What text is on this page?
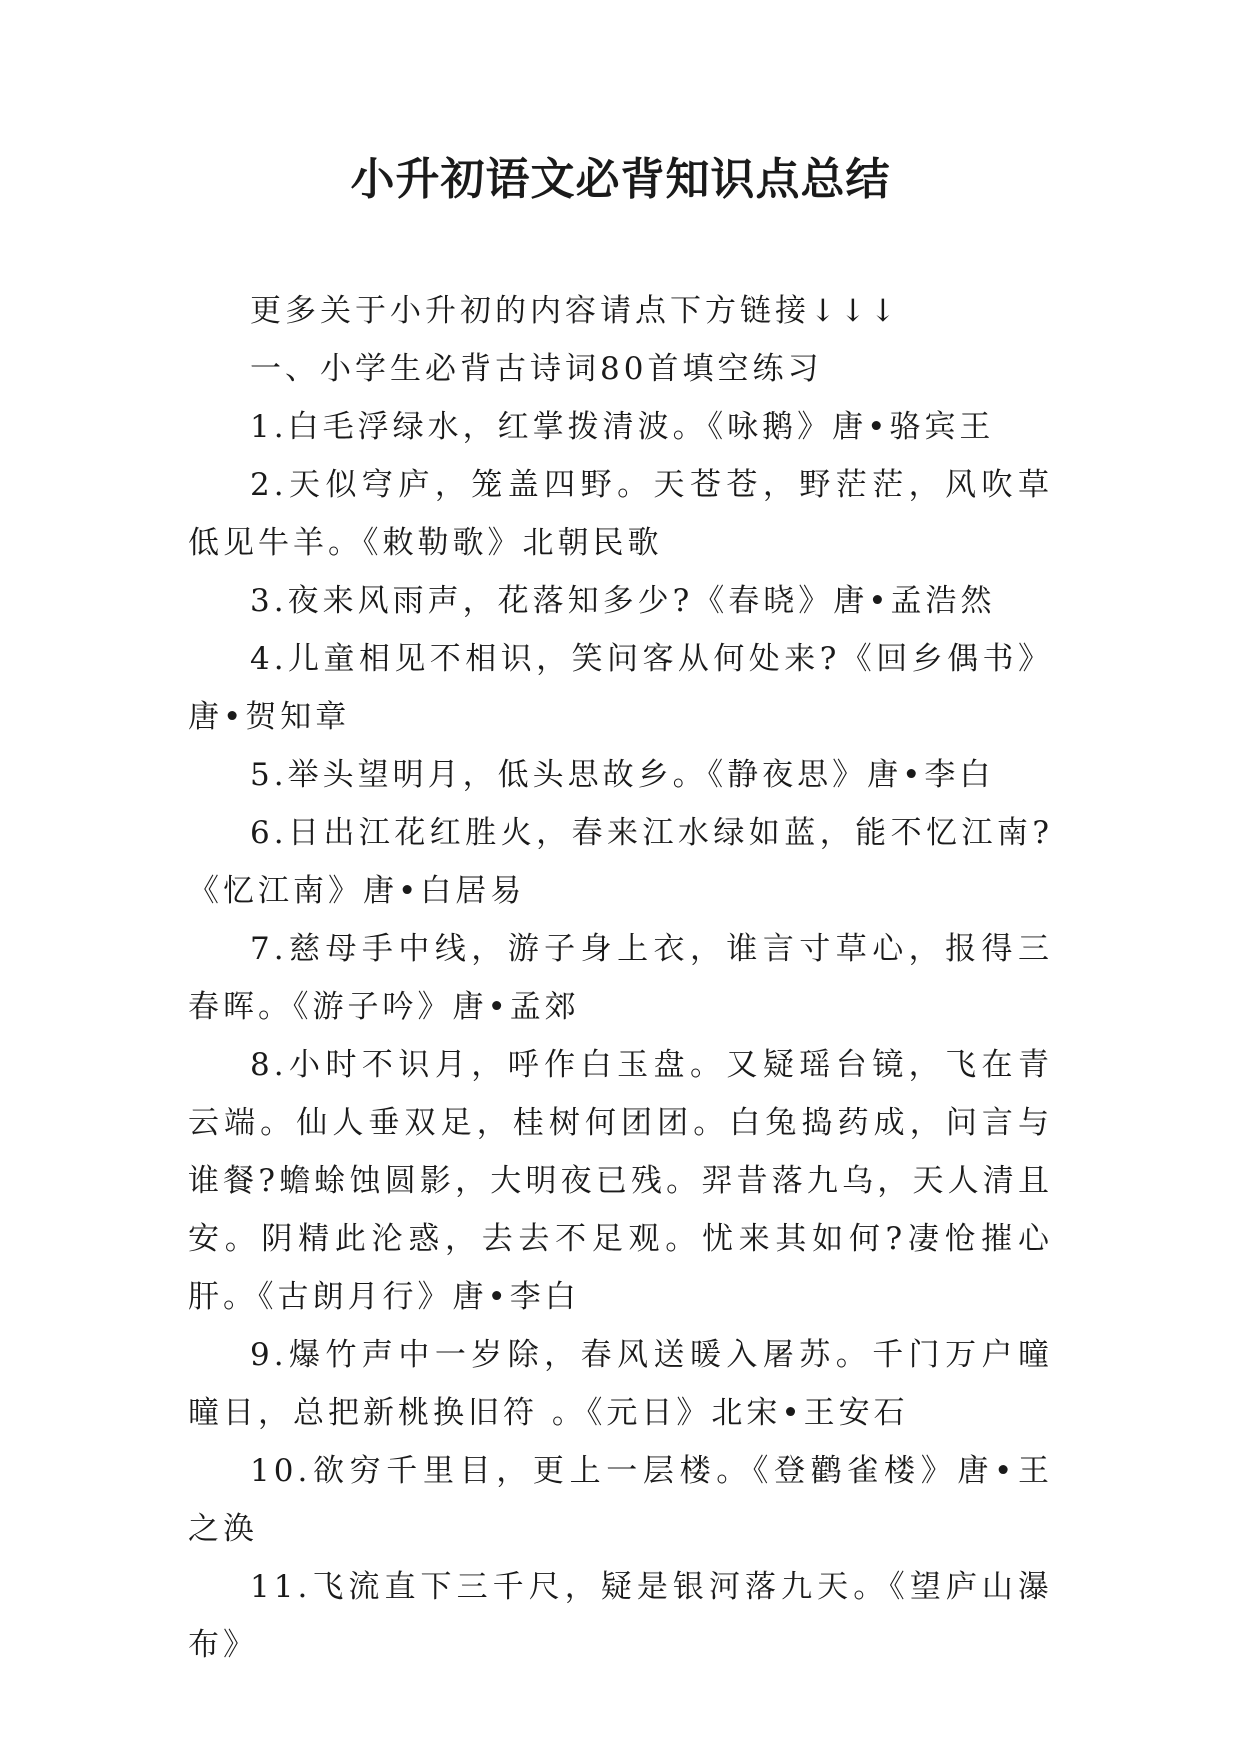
小升初语文必背知识点总结

更多关于小升初的内容请点下方链接↓↓↓

一、小学生必背古诗词80首填空练习

1.白毛浮绿水，红掌拨清波。《咏鹅》唐•骆宾王

2.天似穹庐，笼盖四野。天苍苍，野茫茫，风吹草低见牛羊。《敕勒歌》北朝民歌

3.夜来风雨声，花落知多少?《春晓》唐•孟浩然

4.儿童相见不相识，笑问客从何处来?《回乡偶书》唐•贺知章

5.举头望明月，低头思故乡。《静夜思》唐•李白

6.日出江花红胜火，春来江水绿如蓝，能不忆江南?《忆江南》唐•白居易

7.慈母手中线，游子身上衣，谁言寸草心，报得三春晖。《游子吟》唐•孟郊

8.小时不识月，呼作白玉盘。又疑瑶台镜，飞在青云端。仙人垂双足，桂树何团团。白兔捣药成，问言与谁餐?蟾蜍蚀圆影，大明夜已残。羿昔落九乌，天人清且安。阴精此沦惑，去去不足观。忧来其如何?凄怆摧心肝。《古朗月行》唐•李白

9.爆竹声中一岁除，春风送暖入屠苏。千门万户曈曈日，总把新桃换旧符 。《元日》北宋•王安石

10.欲穷千里目，更上一层楼。《登鹳雀楼》唐•王之涣

11.飞流直下三千尺，疑是银河落九天。《望庐山瀑布》
